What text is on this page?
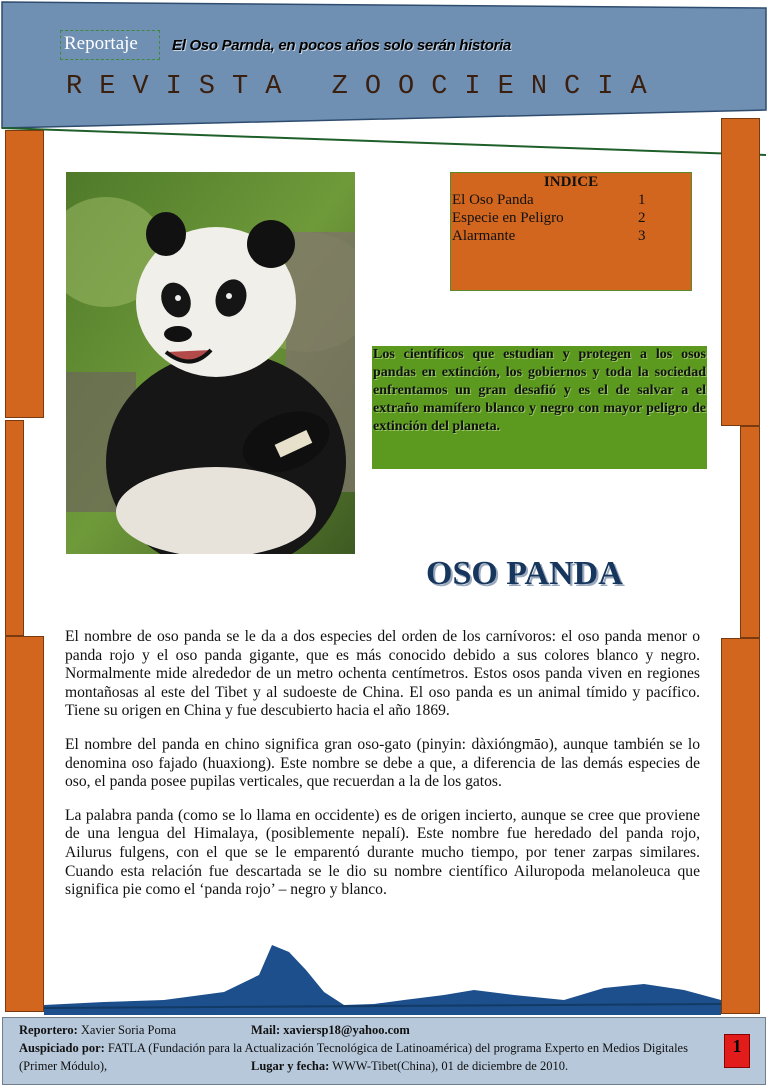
Reportaje	El Oso Parnda, en pocos años solo serán historia
REVISTA ZOOCIENCIA
INDICE
El Oso Panda	1
Especie en Peligro	2
Alarmante	3
Los científicos que estudian y protegen a los osos pandas en extinción, los gobiernos y toda la sociedad enfrentamos un gran desafió y es el de salvar a el extraño mamífero blanco y negro con mayor peligro de extinción del planeta.
OSO PANDA

El nombre de oso panda se le da a dos especies del orden de los carnívoros: el oso panda menor o panda rojo y el oso panda gigante, que es más conocido debido a sus colores blanco y negro. Normalmente mide alrededor de un metro ochenta centímetros. Estos osos panda viven en regiones montañosas al este del Tibet y al sudoeste de China. El oso panda es un animal tímido y pacífico. Tiene su origen en China y fue descubierto hacia el año 1869.

El nombre del panda en chino significa gran oso-gato (pinyin: dàxióngmāo), aunque también se lo denomina oso fajado (huaxiong). Este nombre se debe a que, a diferencia de las demás especies de oso, el panda posee pupilas verticales, que recuerdan a la de los gatos.

La palabra panda (como se lo llama en occidente) es de origen incierto, aunque se cree que proviene de una lengua del Himalaya, (posiblemente nepalí). Este nombre fue heredado del panda rojo, Ailurus fulgens, con el que se le emparentó durante mucho tiempo, por tener zarpas similares. Cuando esta relación fue descartada se le dio su nombre científico Ailuropoda melanoleuca que significa pie como el ‘panda rojo’ – negro y blanco.

Reportero: Xavier Soria Poma	Mail: xaviersp18@yahoo.com
Auspiciado por: FATLA (Fundación para la Actualización Tecnológica de Latinoamérica) del programa Experto en Medios Digitales
(Primer Módulo),	Lugar y fecha: WWW-Tibet(China), 01 de diciembre de 2010.
1
